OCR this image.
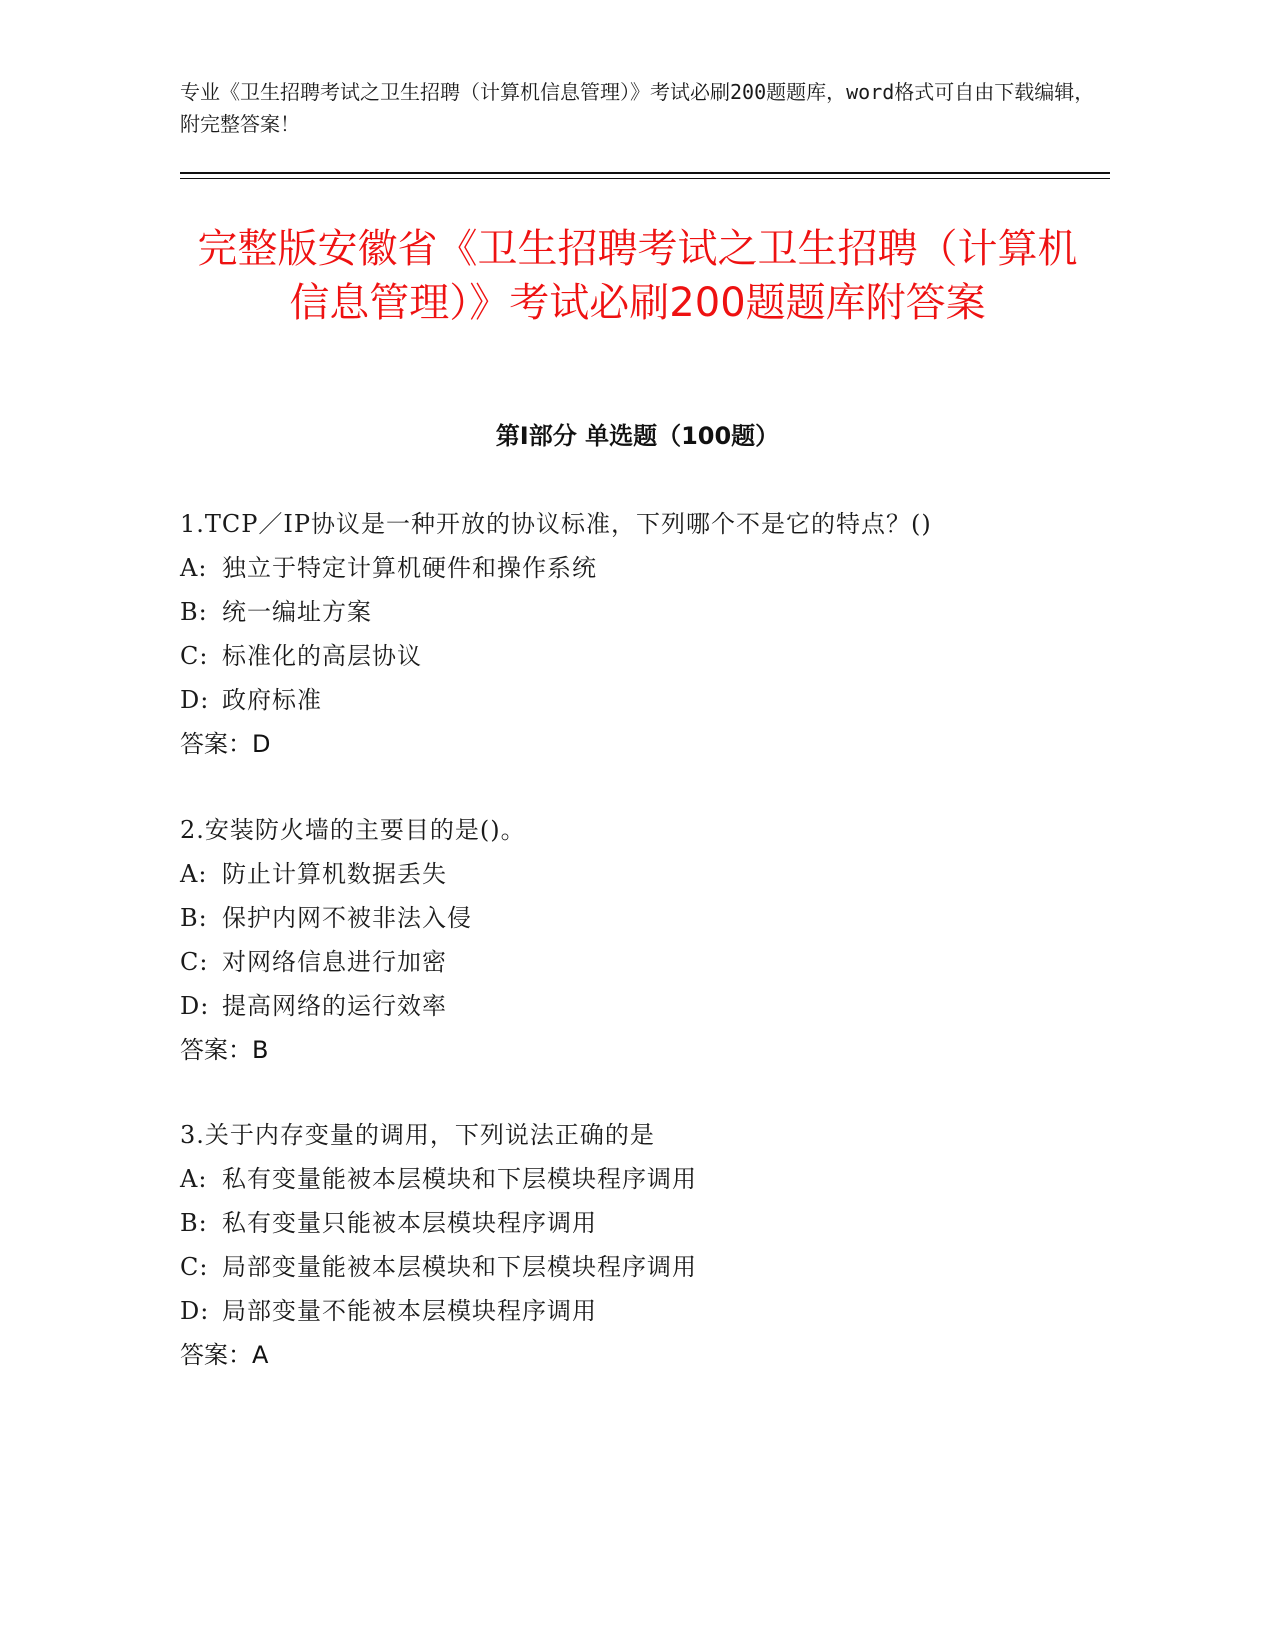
专业《卫生招聘考试之卫生招聘（计算机信息管理）》考试必刷200题题库，word格式可自由下载编辑，附完整答案！
完整版安徽省《卫生招聘考试之卫生招聘（计算机信息管理）》考试必刷200题题库附答案
第Ⅰ部分 单选题（100题）
1.TCP／IP协议是一种开放的协议标准，下列哪个不是它的特点？()
A: 独立于特定计算机硬件和操作系统
B: 统一编址方案
C: 标准化的高层协议
D: 政府标准
答案：D
2.安装防火墙的主要目的是()。
A: 防止计算机数据丢失
B: 保护内网不被非法入侵
C: 对网络信息进行加密
D: 提高网络的运行效率
答案：B
3.关于内存变量的调用，下列说法正确的是
A: 私有变量能被本层模块和下层模块程序调用
B: 私有变量只能被本层模块程序调用
C: 局部变量能被本层模块和下层模块程序调用
D: 局部变量不能被本层模块程序调用
答案：A
